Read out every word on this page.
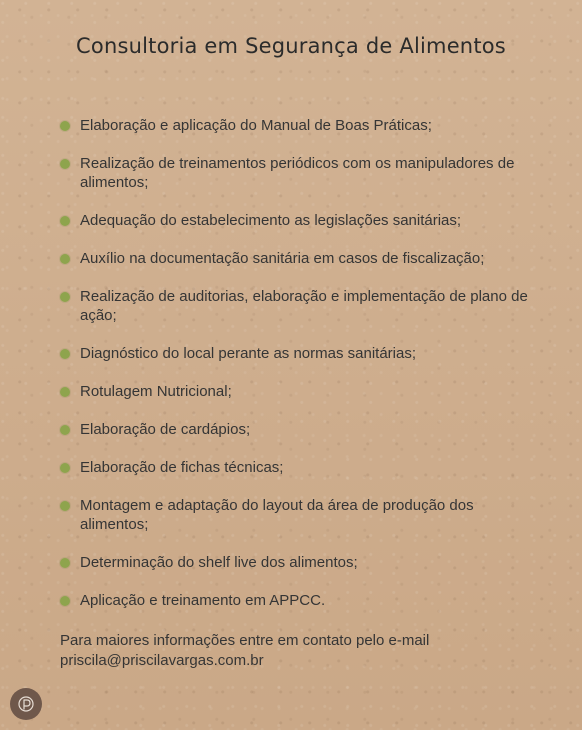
Consultoria em Segurança de Alimentos
Elaboração e aplicação do Manual de Boas Práticas;
Realização de treinamentos periódicos com os manipuladores de alimentos;
Adequação do estabelecimento as legislações sanitárias;
Auxílio na documentação sanitária em casos de fiscalização;
Realização de auditorias, elaboração e implementação de plano de ação;
Diagnóstico do local perante as normas sanitárias;
Rotulagem Nutricional;
Elaboração de cardápios;
Elaboração de fichas técnicas;
Montagem e adaptação do layout da área de produção dos alimentos;
Determinação do shelf live dos alimentos;
Aplicação e treinamento em APPCC.
Para maiores informações entre em contato pelo e-mail
priscila@priscilavargas.com.br
